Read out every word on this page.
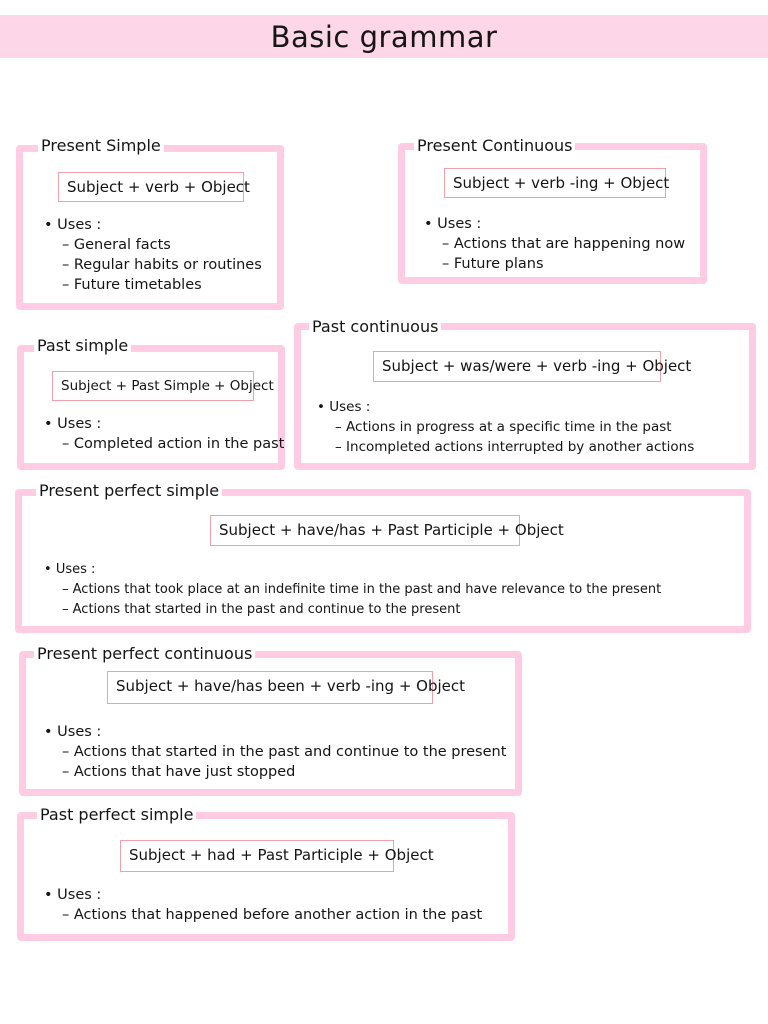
Basic grammar
Present Simple
Subject + verb + Object
• Uses :
– General facts
– Regular habits or routines
– Future timetables
Present Continuous
Subject + verb -ing + Object
• Uses :
– Actions that are happening now
– Future plans
Past simple
Subject + Past Simple + Object
• Uses :
– Completed action in the past
Past continuous
Subject + was/were + verb -ing + Object
• Uses :
– Actions in progress at a specific time in the past
– Incompleted actions interrupted by another actions
Present perfect simple
Subject + have/has + Past Participle + Object
• Uses :
– Actions that took place at an indefinite time in the past and have relevance to the present
– Actions that started in the past and continue to the present
Present perfect continuous
Subject + have/has been + verb -ing + Object
• Uses :
– Actions that started in the past and continue to the present
– Actions that have just stopped
Past perfect simple
Subject + had + Past Participle + Object
• Uses :
– Actions that happened before another action in the past
